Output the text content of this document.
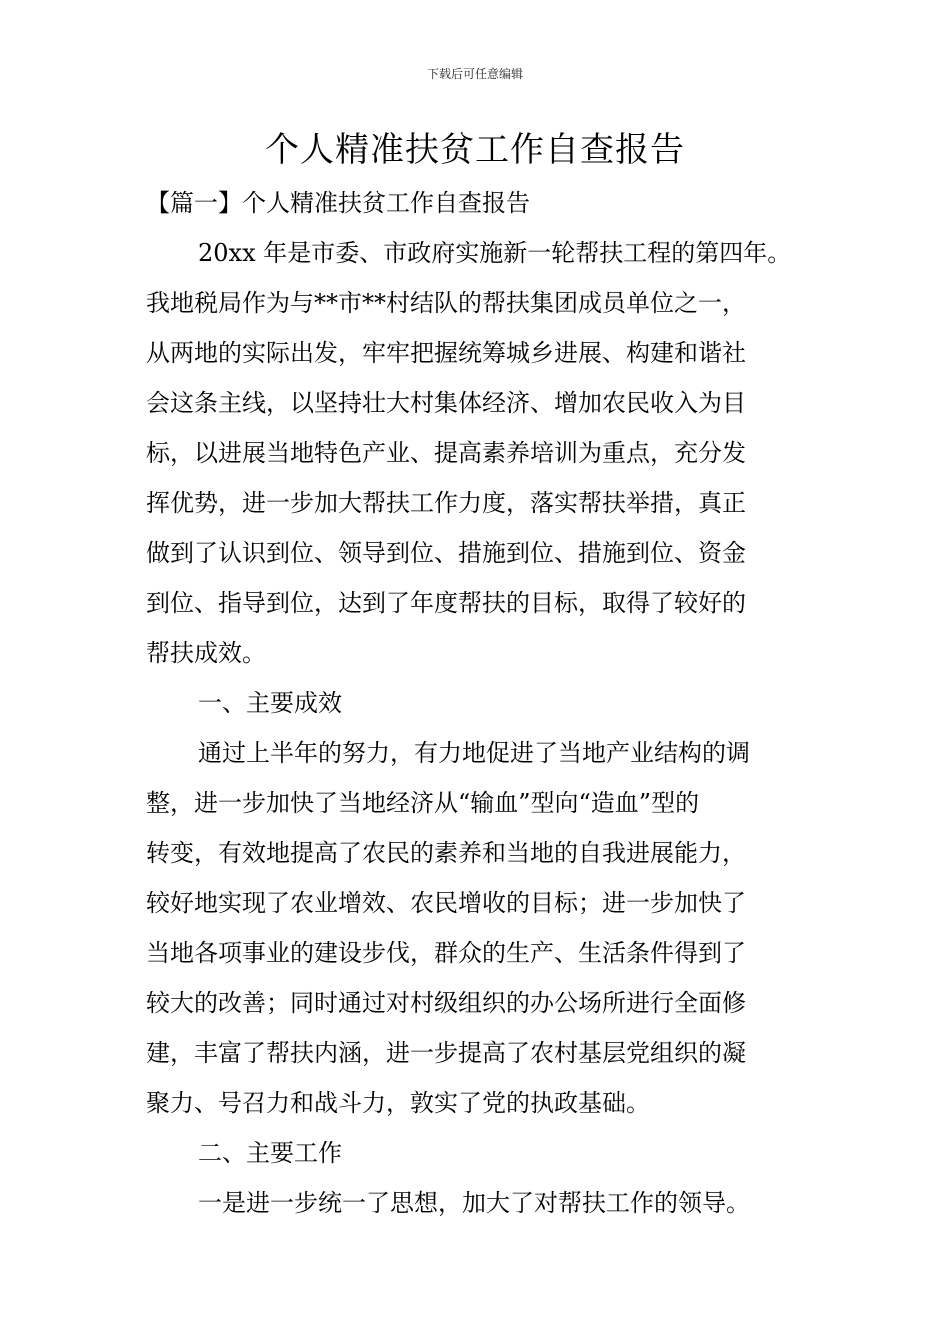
下载后可任意编辑
个人精准扶贫工作自查报告
【篇一】个人精准扶贫工作自查报告
20xx 年是市委、市政府实施新一轮帮扶工程的第四年。
我地税局作为与**市**村结队的帮扶集团成员单位之一，
从两地的实际出发，牢牢把握统筹城乡进展、构建和谐社
会这条主线，以坚持壮大村集体经济、增加农民收入为目
标，以进展当地特色产业、提高素养培训为重点，充分发
挥优势，进一步加大帮扶工作力度，落实帮扶举措，真正
做到了认识到位、领导到位、措施到位、措施到位、资金
到位、指导到位，达到了年度帮扶的目标，取得了较好的
帮扶成效。
一、主要成效
通过上半年的努力，有力地促进了当地产业结构的调
整，进一步加快了当地经济从“输血”型向“造血”型的
转变，有效地提高了农民的素养和当地的自我进展能力，
较好地实现了农业增效、农民增收的目标；进一步加快了
当地各项事业的建设步伐，群众的生产、生活条件得到了
较大的改善；同时通过对村级组织的办公场所进行全面修
建，丰富了帮扶内涵，进一步提高了农村基层党组织的凝
聚力、号召力和战斗力，敦实了党的执政基础。
二、主要工作
一是进一步统一了思想，加大了对帮扶工作的领导。
